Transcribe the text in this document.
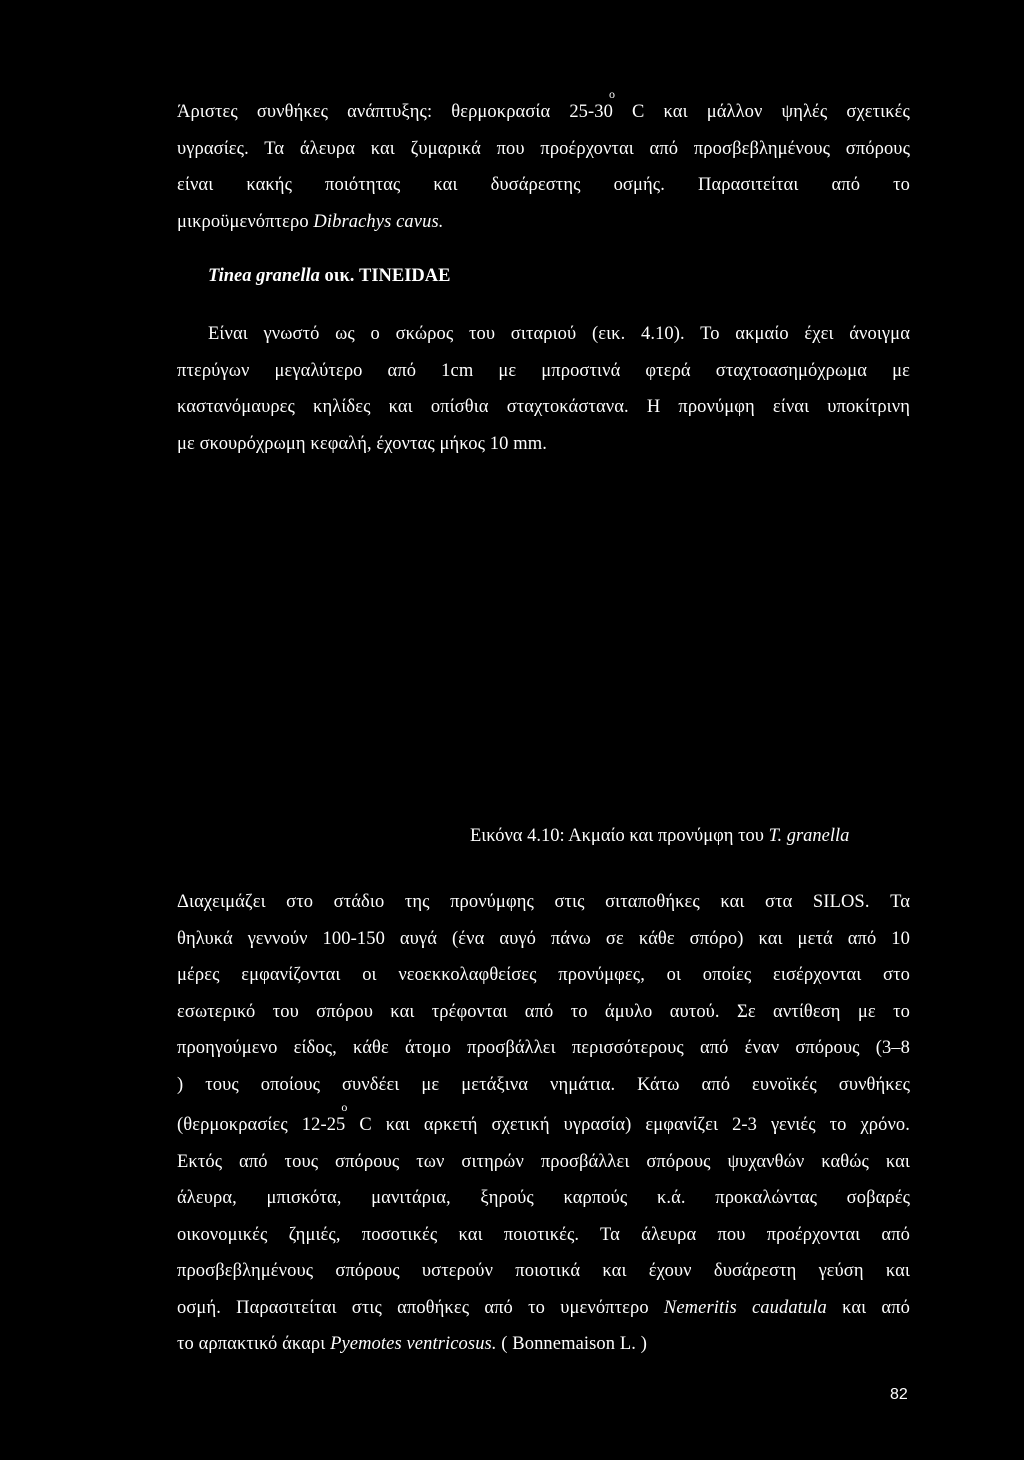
Άριστες συνθήκες ανάπτυξης: θερμοκρασία 25-30
o
C και μάλλον ψηλές σχετικές
υγρασίες. Τα άλευρα και ζυμαρικά που προέρχονται από προσβεβλημένους σπόρους
είναι κακής ποιότητας και δυσάρεστης οσμής. Παρασιτείται από το
μικροϋμενόπτερο Dibrachys cavus.
Tinea granella οικ. TINEIDAE
Είναι γνωστό ως ο σκώρος του σιταριού (εικ. 4.10). Το ακμαίο έχει άνοιγμα
πτερύγων μεγαλύτερο από 1cm με μπροστινά φτερά σταχτοασημόχρωμα με
καστανόμαυρες κηλίδες και οπίσθια σταχτοκάστανα. Η προνύμφη είναι υποκίτρινη
με σκουρόχρωμη κεφαλή, έχοντας μήκος 10 mm.
Εικόνα 4.10: Ακμαίο και προνύμφη του T. granella
Διαχειμάζει στο στάδιο της προνύμφης στις σιταποθήκες και στα SILOS. Τα
θηλυκά γεννούν 100-150 αυγά (ένα αυγό πάνω σε κάθε σπόρο) και μετά από 10
μέρες εμφανίζονται οι νεοεκκολαφθείσες προνύμφες, οι οποίες εισέρχονται στο
εσωτερικό του σπόρου και τρέφονται από το άμυλο αυτού. Σε αντίθεση με το
προηγούμενο είδος, κάθε άτομο προσβάλλει περισσότερους από έναν σπόρους (3–8
) τους οποίους συνδέει με μετάξινα νημάτια. Κάτω από ευνοϊκές συνθήκες
(θερμοκρασίες 12-25
o
C και αρκετή σχετική υγρασία) εμφανίζει 2-3 γενιές το χρόνο.
Εκτός από τους σπόρους των σιτηρών προσβάλλει σπόρους ψυχανθών καθώς και
άλευρα, μπισκότα, μανιτάρια, ξηρούς καρπούς κ.ά. προκαλώντας σοβαρές
οικονομικές ζημιές, ποσοτικές και ποιοτικές. Τα άλευρα που προέρχονται από
προσβεβλημένους σπόρους υστερούν ποιοτικά και έχουν δυσάρεστη γεύση και
οσμή. Παρασιτείται στις αποθήκες από το υμενόπτερο Nemeritis caudatula και από
το αρπακτικό άκαρι Pyemotes ventricosus. ( Bonnemaison L. )
82
